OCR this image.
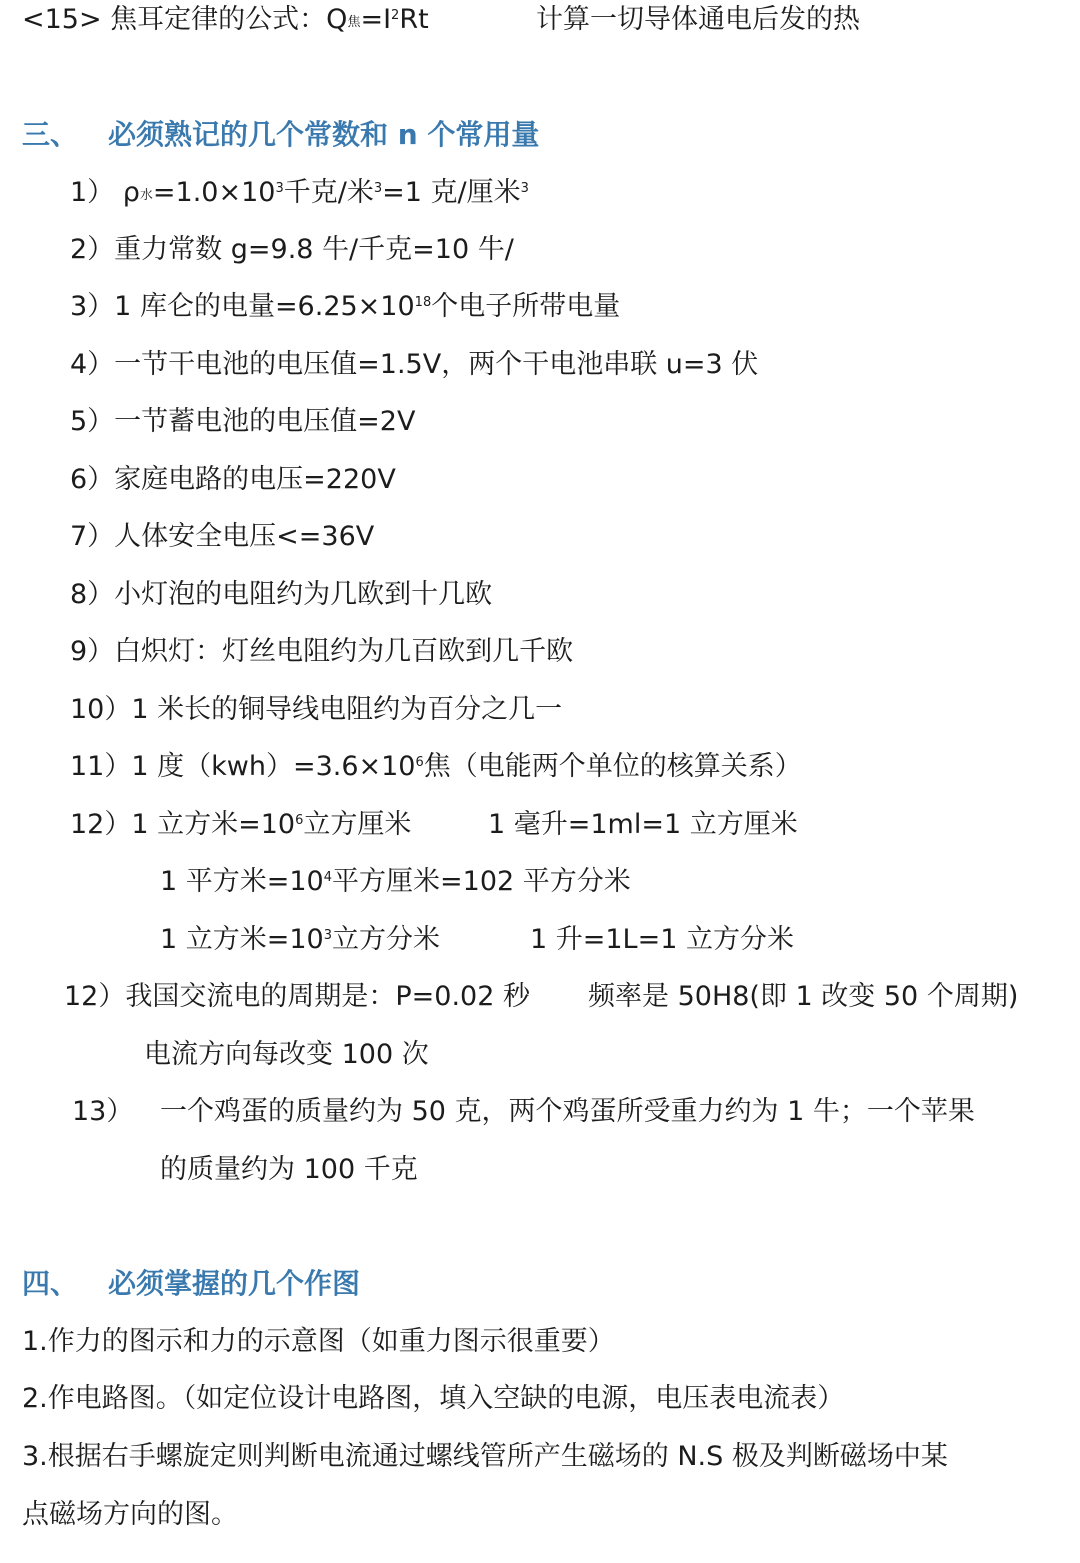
<15> 焦耳定律的公式：$Q_焦=I^2Rt$	计算一切导体通电后发的热
三、 必须熟记的几个常数和 n 个常用量
1） $\rho_水=1.0\times 10^3$千克/米$^3$=1 克/厘米$^3$
2）重力常数 g=9.8 牛/千克=10 牛/
3）1 库仑的电量$=6.25\times 10^{18}$个电子所带电量
4）一节干电池的电压值=1.5V，两个干电池串联 u=3 伏
5）一节蓄电池的电压值=2V
6）家庭电路的电压=220V
7）人体安全电压<=36V
8）小灯泡的电阻约为几欧到十几欧
9）白炽灯：灯丝电阻约为几百欧到几千欧
10）1 米长的铜导线电阻约为百分之几一
11）1 度$(kwh)=3.6\times 10^6$焦（电能两个单位的核算关系）
12）1 立方米$=10^6$立方厘米	1 毫升=1ml=1 立方厘米
1 平方米$=10^4$平方厘米=102 平方分米
1 立方米$=10^3$立方分米	1 升=1L=1 立方分米
12）我国交流电的周期是：P=0.02 秒 频率是 50H8(即 1 改变 50 个周期)
电流方向每改变 100 次
13） 一个鸡蛋的质量约为 50 克，两个鸡蛋所受重力约为 1 牛；一个苹果
的质量约为 100 千克
四、 必须掌握的几个作图
1.作力的图示和力的示意图（如重力图示很重要）
2.作电路图。（如定位设计电路图，填入空缺的电源，电压表电流表）
3.根据右手螺旋定则判断电流通过螺线管所产生磁场的 N.S 极及判断磁场中某
点磁场方向的图。
